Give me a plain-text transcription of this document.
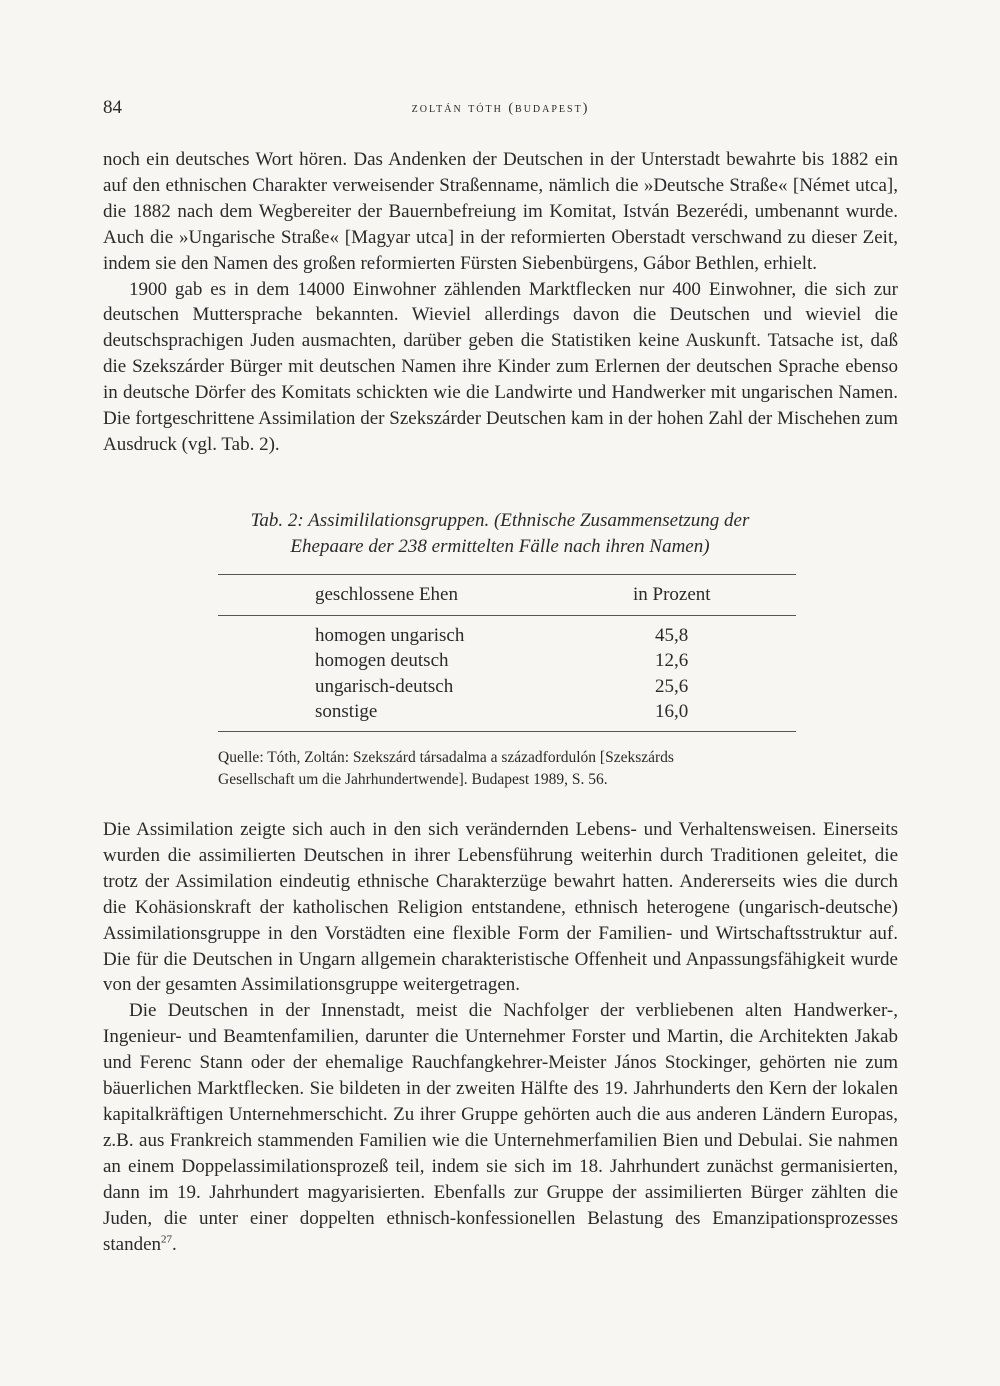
84	zoltán tóth (budapest)

noch ein deutsches Wort hören. Das Andenken der Deutschen in der Unterstadt bewahrte bis 1882 ein auf den ethnischen Charakter verweisender Straßenname, nämlich die »Deutsche Straße« [Német utca], die 1882 nach dem Wegbereiter der Bauernbefreiung im Komitat, István Bezerédi, umbenannt wurde. Auch die »Ungarische Straße« [Magyar utca] in der reformierten Oberstadt verschwand zu dieser Zeit, indem sie den Namen des großen reformierten Fürsten Siebenbürgens, Gábor Bethlen, erhielt.

1900 gab es in dem 14000 Einwohner zählenden Marktflecken nur 400 Einwohner, die sich zur deutschen Muttersprache bekannten. Wieviel allerdings davon die Deutschen und wieviel die deutschsprachigen Juden ausmachten, darüber geben die Statistiken keine Auskunft. Tatsache ist, daß die Szekszárder Bürger mit deutschen Namen ihre Kinder zum Erlernen der deutschen Sprache ebenso in deutsche Dörfer des Komitats schickten wie die Landwirte und Handwerker mit ungarischen Namen. Die fortgeschrittene Assimilation der Szekszárder Deutschen kam in der hohen Zahl der Mischehen zum Ausdruck (vgl. Tab. 2).

Tab. 2: Assimililationsgruppen. (Ethnische Zusammensetzung der
Ehepaare der 238 ermittelten Fälle nach ihren Namen)
geschlossene Ehen	in Prozent
homogen ungarisch	45,8
homogen deutsch	12,6
ungarisch-deutsch	25,6
sonstige	16,0
Quelle: Tóth, Zoltán: Szekszárd társadalma a századfordulón [Szekszárds
Gesellschaft um die Jahrhundertwende]. Budapest 1989, S. 56.

Die Assimilation zeigte sich auch in den sich verändernden Lebens- und Verhaltensweisen. Einerseits wurden die assimilierten Deutschen in ihrer Lebensführung weiterhin durch Traditionen geleitet, die trotz der Assimilation eindeutig ethnische Charakterzüge bewahrt hatten. Andererseits wies die durch die Kohäsionskraft der katholischen Religion entstandene, ethnisch heterogene (ungarisch-deutsche) Assimilationsgruppe in den Vorstädten eine flexible Form der Familien- und Wirtschaftsstruktur auf. Die für die Deutschen in Ungarn allgemein charakteristische Offenheit und Anpassungsfähigkeit wurde von der gesamten Assimilationsgruppe weitergetragen.

Die Deutschen in der Innenstadt, meist die Nachfolger der verbliebenen alten Handwerker-, Ingenieur- und Beamtenfamilien, darunter die Unternehmer Forster und Martin, die Architekten Jakab und Ferenc Stann oder der ehemalige Rauchfangkehrer-Meister János Stockinger, gehörten nie zum bäuerlichen Marktflecken. Sie bildeten in der zweiten Hälfte des 19. Jahrhunderts den Kern der lokalen kapitalkräftigen Unternehmerschicht. Zu ihrer Gruppe gehörten auch die aus anderen Ländern Europas, z.B. aus Frankreich stammenden Familien wie die Unternehmerfamilien Bien und Debulai. Sie nahmen an einem Doppelassimilationsprozeß teil, indem sie sich im 18. Jahrhundert zunächst germanisierten, dann im 19. Jahrhundert magyarisierten. Ebenfalls zur Gruppe der assimilierten Bürger zählten die Juden, die unter einer doppelten ethnisch-konfessionellen Belastung des Emanzipationsprozesses standen$^{27}$.
